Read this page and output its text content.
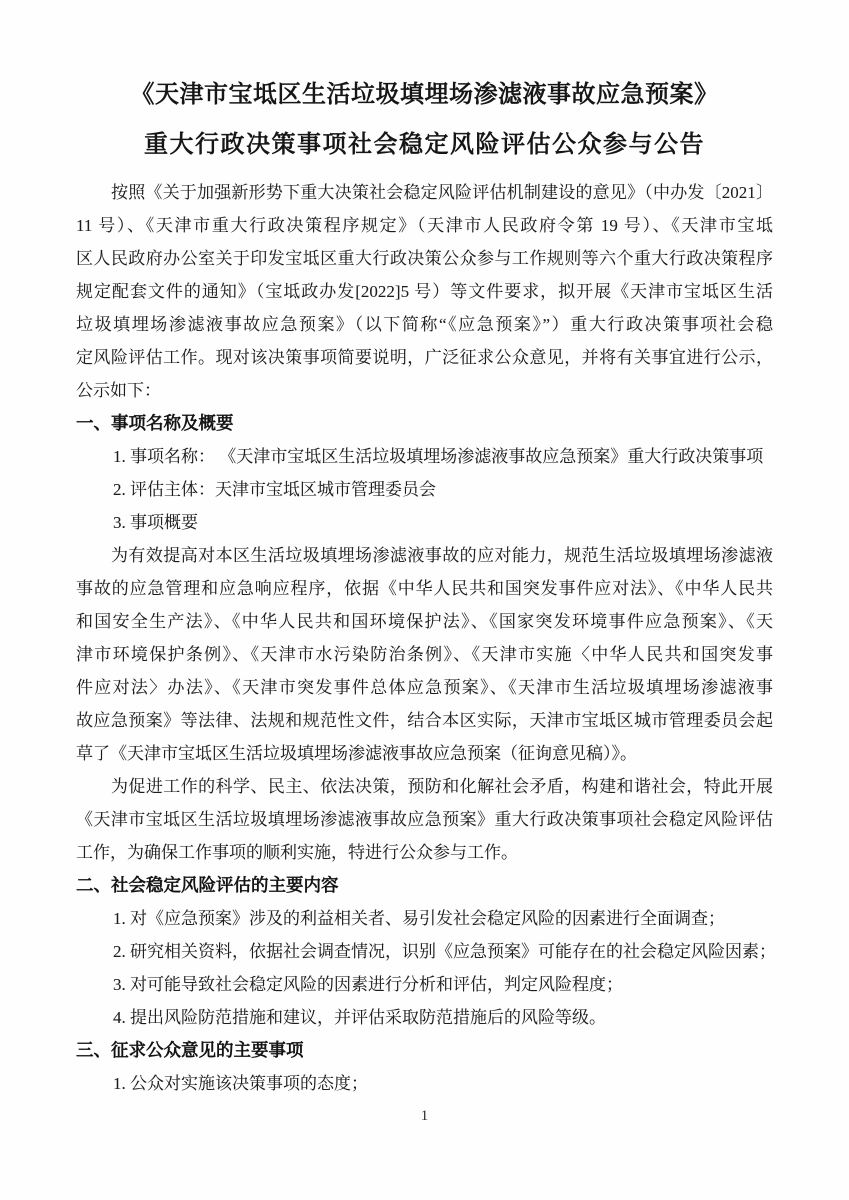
《天津市宝坻区生活垃圾填埋场渗滤液事故应急预案》
重大行政决策事项社会稳定风险评估公众参与公告
按照《关于加强新形势下重大决策社会稳定风险评估机制建设的意见》（中办发〔2021〕
11 号）、《天津市重大行政决策程序规定》（天津市人民政府令第 19 号）、《天津市宝坻
区人民政府办公室关于印发宝坻区重大行政决策公众参与工作规则等六个重大行政决策程序
规定配套文件的通知》（宝坻政办发[2022]5 号）等文件要求，拟开展《天津市宝坻区生活
垃圾填埋场渗滤液事故应急预案》（以下简称“《应急预案》”）重大行政决策事项社会稳
定风险评估工作。现对该决策事项简要说明，广泛征求公众意见，并将有关事宜进行公示，
公示如下：
一、事项名称及概要
1. 事项名称： 《天津市宝坻区生活垃圾填埋场渗滤液事故应急预案》重大行政决策事项
2. 评估主体：天津市宝坻区城市管理委员会
3. 事项概要
为有效提高对本区生活垃圾填埋场渗滤液事故的应对能力，规范生活垃圾填埋场渗滤液
事故的应急管理和应急响应程序，依据《中华人民共和国突发事件应对法》、《中华人民共
和国安全生产法》、《中华人民共和国环境保护法》、《国家突发环境事件应急预案》、《天
津市环境保护条例》、《天津市水污染防治条例》、《天津市实施〈中华人民共和国突发事
件应对法〉办法》、《天津市突发事件总体应急预案》、《天津市生活垃圾填埋场渗滤液事
故应急预案》等法律、法规和规范性文件，结合本区实际，天津市宝坻区城市管理委员会起
草了《天津市宝坻区生活垃圾填埋场渗滤液事故应急预案（征询意见稿）》。
为促进工作的科学、民主、依法决策，预防和化解社会矛盾，构建和谐社会，特此开展
《天津市宝坻区生活垃圾填埋场渗滤液事故应急预案》重大行政决策事项社会稳定风险评估
工作，为确保工作事项的顺利实施，特进行公众参与工作。
二、社会稳定风险评估的主要内容
1. 对《应急预案》涉及的利益相关者、易引发社会稳定风险的因素进行全面调查；
2. 研究相关资料，依据社会调查情况，识别《应急预案》可能存在的社会稳定风险因素；
3. 对可能导致社会稳定风险的因素进行分析和评估，判定风险程度；
4. 提出风险防范措施和建议，并评估采取防范措施后的风险等级。
三、征求公众意见的主要事项
1. 公众对实施该决策事项的态度；
1
